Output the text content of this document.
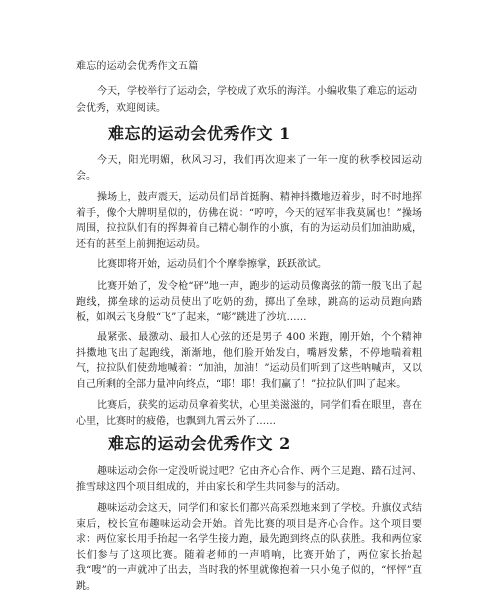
难忘的运动会优秀作文五篇

今天，学校举行了运动会，学校成了欢乐的海洋。小编收集了难忘的运动会优秀，欢迎阅读。

难忘的运动会优秀作文 1

今天，阳光明媚，秋风习习，我们再次迎来了一年一度的秋季校园运动会。

操场上，鼓声震天，运动员们昂首挺胸、精神抖擞地迈着步，时不时地挥着手，像个大牌明星似的，仿佛在说：“哼哼，今天的冠军非我莫属也！”操场周围，拉拉队们有的挥舞着自己精心制作的小旗，有的为运动员们加油助威，还有的甚至上前拥抱运动员。

比赛即将开始，运动员们个个摩拳擦掌，跃跃欲试。

比赛开始了，发令枪“砰”地一声，跑步的运动员像离弦的箭一般飞出了起跑线，掷垒球的运动员使出了吃奶的劲，掷出了垒球，跳高的运动员跑向踏板，如飒云飞身般“飞”了起来，“嘭”跳进了沙坑……

最紧张、最激动、最扣人心弦的还是男子 400 米跑，刚开始，个个精神抖擞地飞出了起跑线，渐渐地，他们脸开始发白，嘴唇发紫，不停地喘着粗气，拉拉队们使劲地喊着：“加油，加油！”运动员们听到了这些呐喊声，又以自己所剩的全部力量冲向终点，“耶！耶！我们赢了！”拉拉队们叫了起来。

比赛后，获奖的运动员拿着奖状，心里美滋滋的，同学们看在眼里，喜在心里，比赛时的疲倦，也飘到九霄云外了……

难忘的运动会优秀作文 2

趣味运动会你一定没听说过吧？它由齐心合作、两个三足跑、踏石过河、推雪球这四个项目组成的，并由家长和学生共同参与的活动。

趣味运动会这天，同学们和家长们都兴高采烈地来到了学校。升旗仪式结束后，校长宣布趣味运动会开始。首先比赛的项目是齐心合作。这个项目要求：两位家长用手抬起一名学生接力跑，最先跑到终点的队获胜。我和两位家长们参与了这项比赛。随着老师的一声哨响，比赛开始了，两位家长抬起我“嗖”的一声就冲了出去，当时我的怀里就像抱着一只小兔子似的，“怦怦”直跳。
